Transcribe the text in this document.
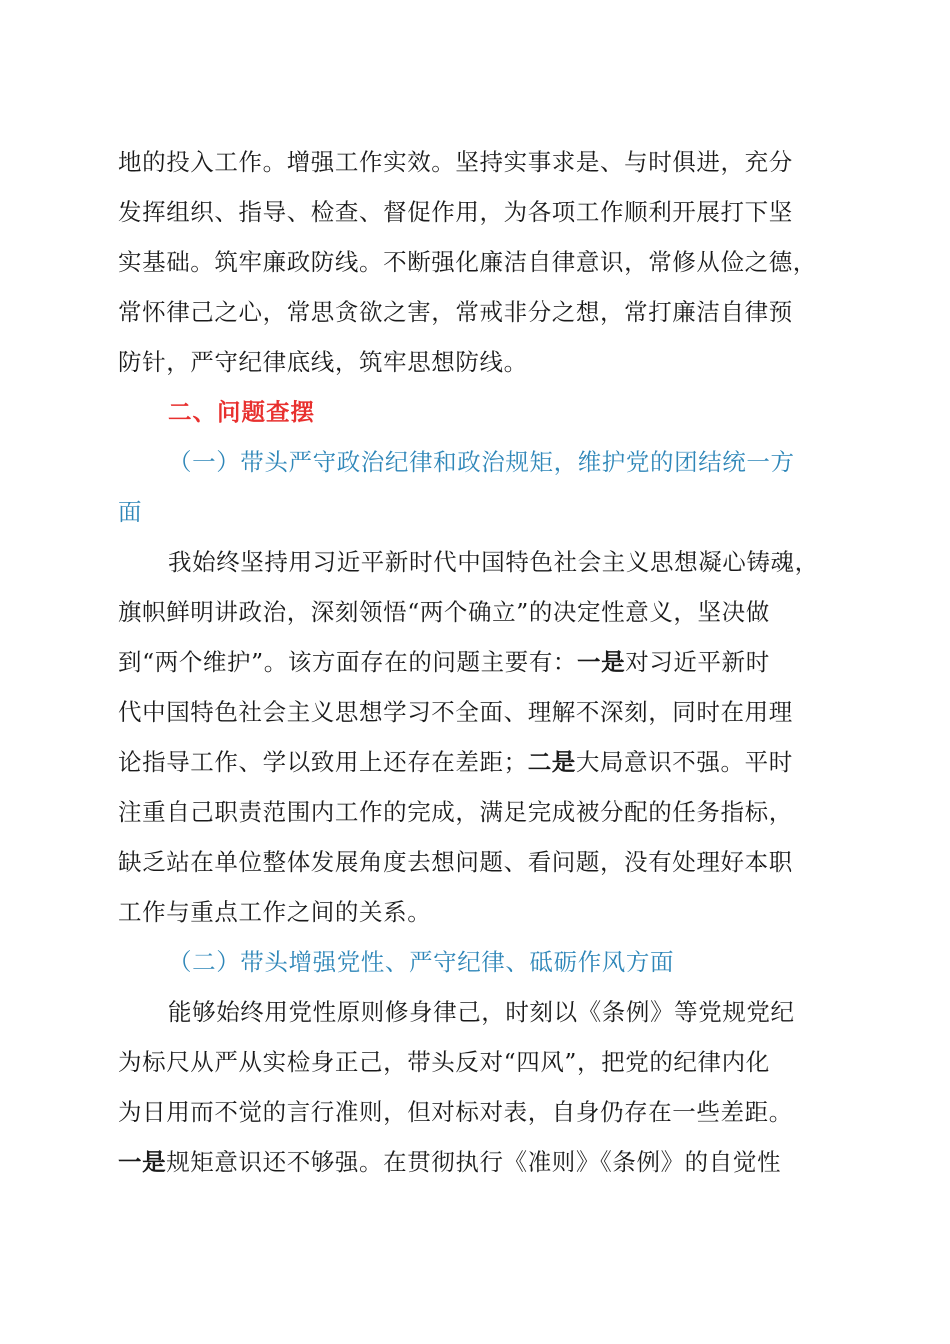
地的投入工作。增强工作实效。坚持实事求是、与时俱进，充分
发挥组织、指导、检查、督促作用，为各项工作顺利开展打下坚
实基础。筑牢廉政防线。不断强化廉洁自律意识，常修从俭之德，
常怀律己之心，常思贪欲之害，常戒非分之想，常打廉洁自律预
防针，严守纪律底线，筑牢思想防线。
二、问题查摆
（一）带头严守政治纪律和政治规矩，维护党的团结统一方
面
我始终坚持用习近平新时代中国特色社会主义思想凝心铸魂，
旗帜鲜明讲政治，深刻领悟“两个确立”的决定性意义，坚决做
到“两个维护”。该方面存在的问题主要有：一是对习近平新时
代中国特色社会主义思想学习不全面、理解不深刻，同时在用理
论指导工作、学以致用上还存在差距；二是大局意识不强。平时
注重自己职责范围内工作的完成，满足完成被分配的任务指标，
缺乏站在单位整体发展角度去想问题、看问题，没有处理好本职
工作与重点工作之间的关系。
（二）带头增强党性、严守纪律、砥砺作风方面
能够始终用党性原则修身律己，时刻以《条例》等党规党纪
为标尺从严从实检身正己，带头反对“四风”，把党的纪律内化
为日用而不觉的言行准则，但对标对表，自身仍存在一些差距。
一是规矩意识还不够强。在贯彻执行《准则》《条例》的自觉性
